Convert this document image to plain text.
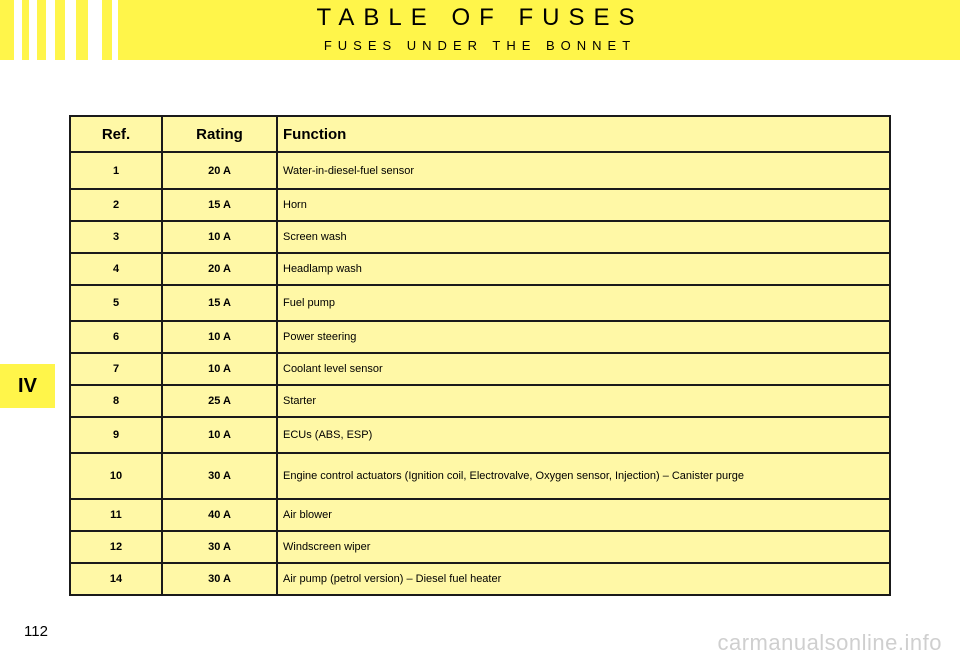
TABLE OF FUSES
FUSES UNDER THE BONNET
IV
Ref.	Rating	Function
1	20 A	Water-in-diesel-fuel sensor
2	15 A	Horn
3	10 A	Screen wash
4	20 A	Headlamp wash
5	15 A	Fuel pump
6	10 A	Power steering
7	10 A	Coolant level sensor
8	25 A	Starter
9	10 A	ECUs (ABS, ESP)
10	30 A	Engine control actuators (Ignition coil, Electrovalve, Oxygen sensor, Injection) – Canister purge
11	40 A	Air blower
12	30 A	Windscreen wiper
14	30 A	Air pump (petrol version) – Diesel fuel heater
112	carmanualsonline.info
